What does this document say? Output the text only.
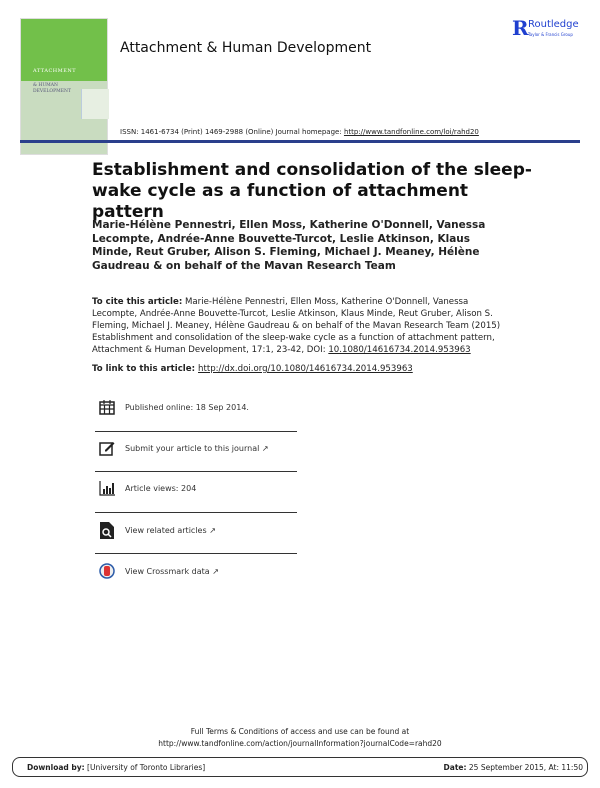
ATTACHMENT
& HUMAN
DEVELOPMENT
Attachment & Human Development
R Routledge
Taylor & Francis Group
ISSN: 1461-6734 (Print) 1469-2988 (Online) Journal homepage: http://www.tandfonline.com/loi/rahd20
Establishment and consolidation of the sleep-wake cycle as a function of attachment pattern
Marie-Hélène Pennestri, Ellen Moss, Katherine O'Donnell, Vanessa Lecompte, Andrée-Anne Bouvette-Turcot, Leslie Atkinson, Klaus Minde, Reut Gruber, Alison S. Fleming, Michael J. Meaney, Hélène Gaudreau & on behalf of the Mavan Research Team
To cite this article: Marie-Hélène Pennestri, Ellen Moss, Katherine O'Donnell, Vanessa Lecompte, Andrée-Anne Bouvette-Turcot, Leslie Atkinson, Klaus Minde, Reut Gruber, Alison S. Fleming, Michael J. Meaney, Hélène Gaudreau & on behalf of the Mavan Research Team (2015) Establishment and consolidation of the sleep-wake cycle as a function of attachment pattern, Attachment & Human Development, 17:1, 23-42, DOI: 10.1080/14616734.2014.953963
To link to this article: http://dx.doi.org/10.1080/14616734.2014.953963
Published online: 18 Sep 2014.
Submit your article to this journal
↗
Article views: 204
View related articles
↗
View Crossmark data
↗
Full Terms & Conditions of access and use can be found at
http://www.tandfonline.com/action/journalInformation?journalCode=rahd20
Download by: [University of Toronto Libraries]	Date: 25 September 2015, At: 11:50
